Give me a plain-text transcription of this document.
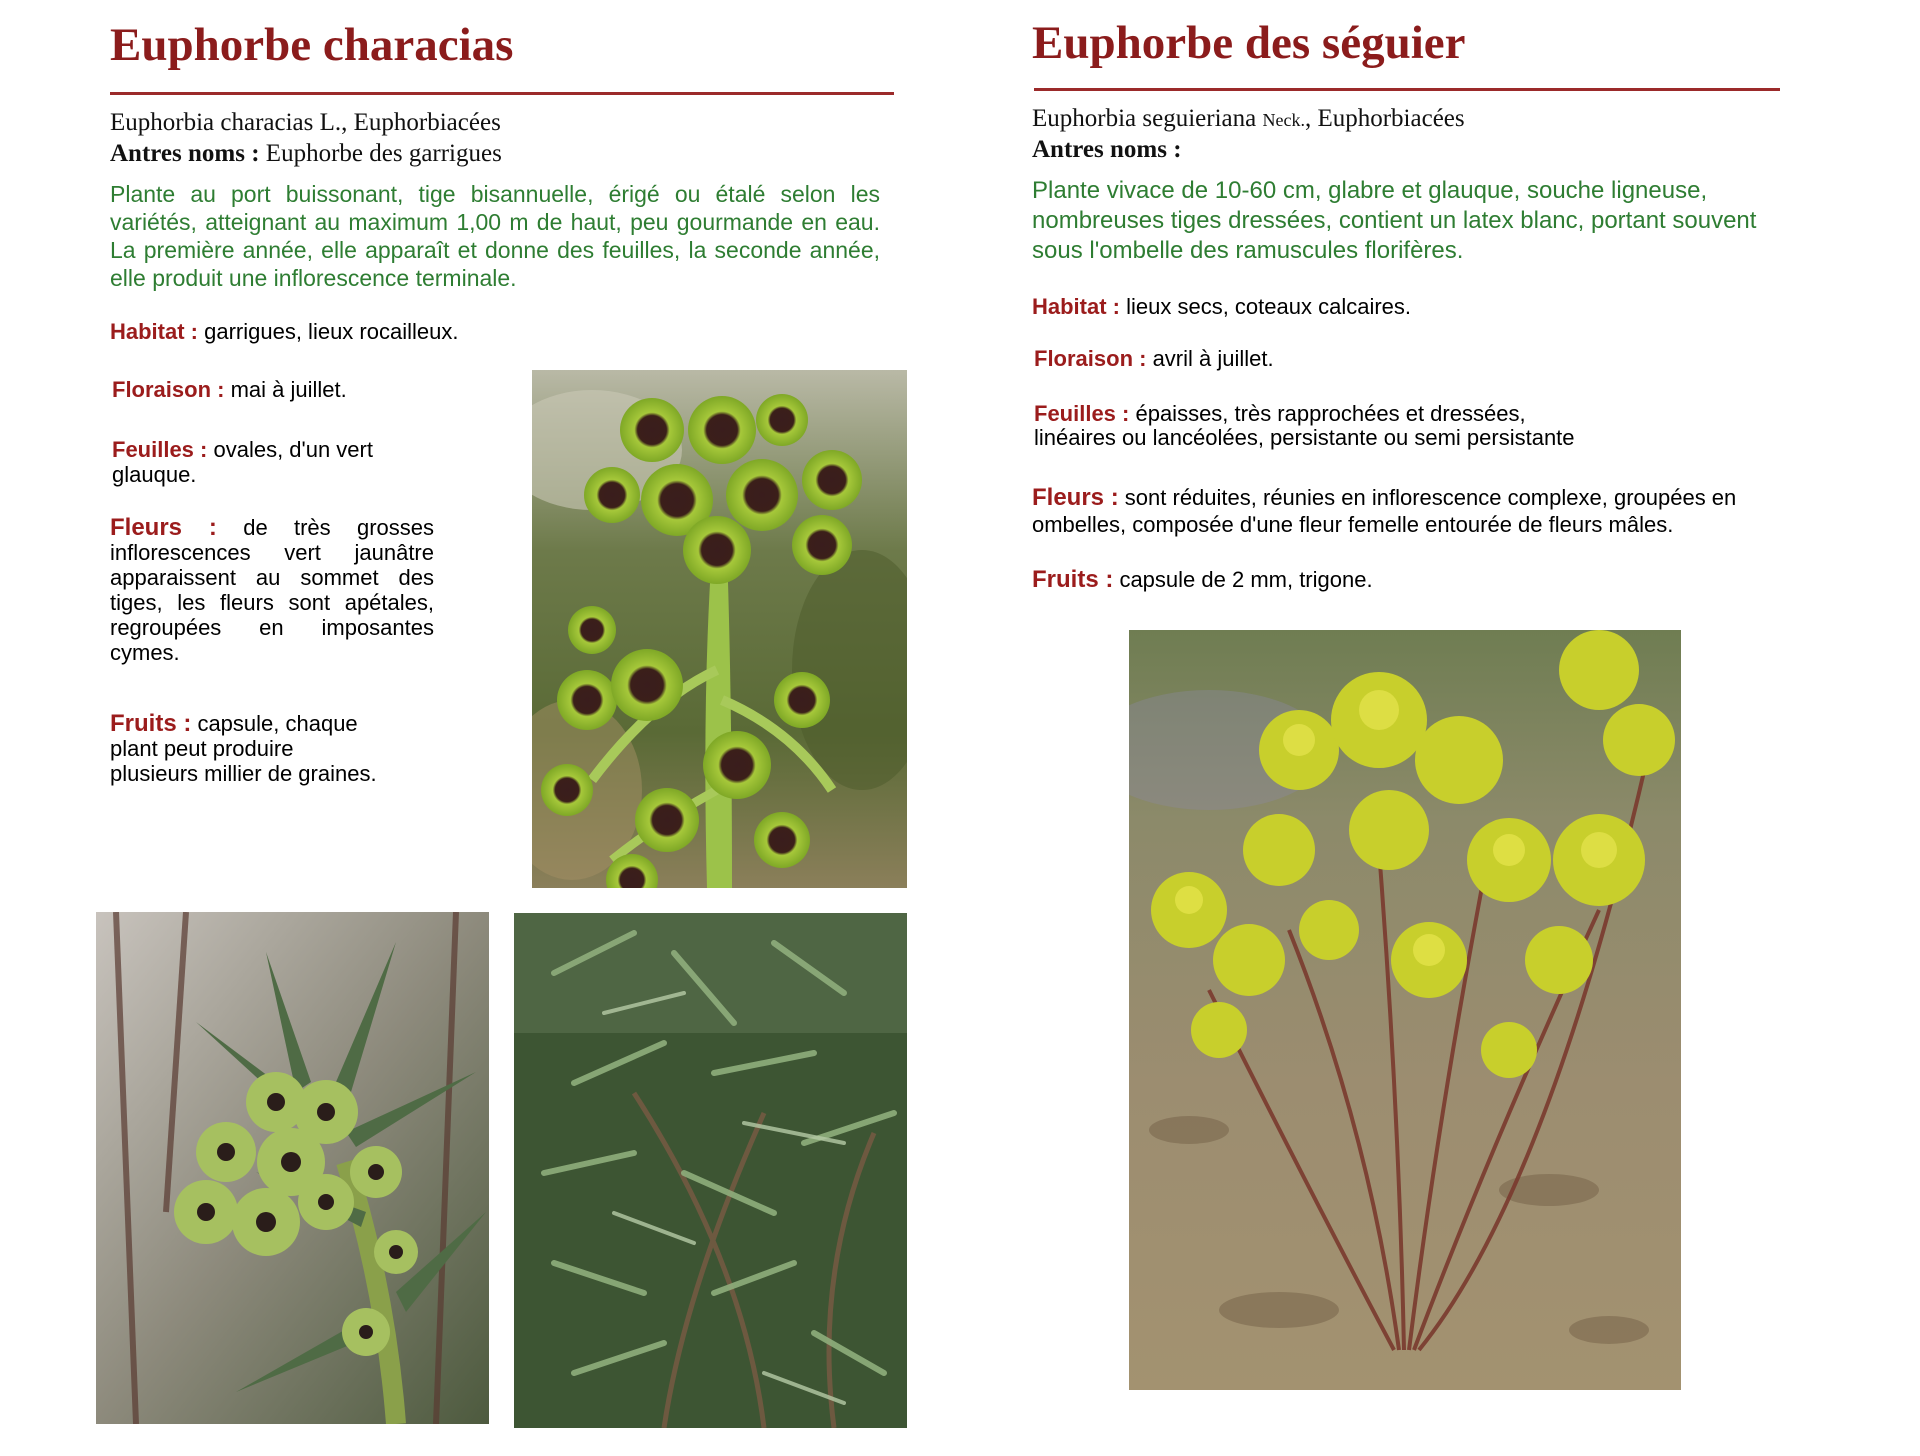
Euphorbe characias
Euphorbia characias L., Euphorbiacées
Antres noms : Euphorbe des garrigues
Plante au port buissonant, tige bisannuelle, érigé ou étalé selon les variétés, atteignant au maximum 1,00 m de haut, peu gourmande en eau. La première année, elle apparaît et donne des feuilles, la seconde année, elle produit une inflorescence terminale.
Habitat : garrigues, lieux rocailleux.
Floraison : mai à juillet.
Feuilles : ovales, d'un vert glauque.
Fleurs : de très grosses inflorescences vert jaunâtre apparaissent au sommet des tiges, les fleurs sont apétales, regroupées en imposantes cymes.
Fruits : capsule, chaque
plant peut produire
plusieurs millier de graines.
Euphorbe des séguier
Euphorbia seguieriana Neck., Euphorbiacées
Antres noms :
Plante vivace de 10-60 cm, glabre et glauque, souche ligneuse, nombreuses tiges dressées, contient un latex blanc, portant souvent sous l'ombelle des ramuscules florifères.
Habitat : lieux secs, coteaux calcaires.
Floraison : avril à juillet.
Feuilles : épaisses, très rapprochées et dressées,
linéaires ou lancéolées, persistante ou semi persistante
Fleurs : sont réduites, réunies en inflorescence complexe, groupées en ombelles, composée d'une fleur femelle entourée de fleurs mâles.
Fruits : capsule de 2 mm, trigone.
